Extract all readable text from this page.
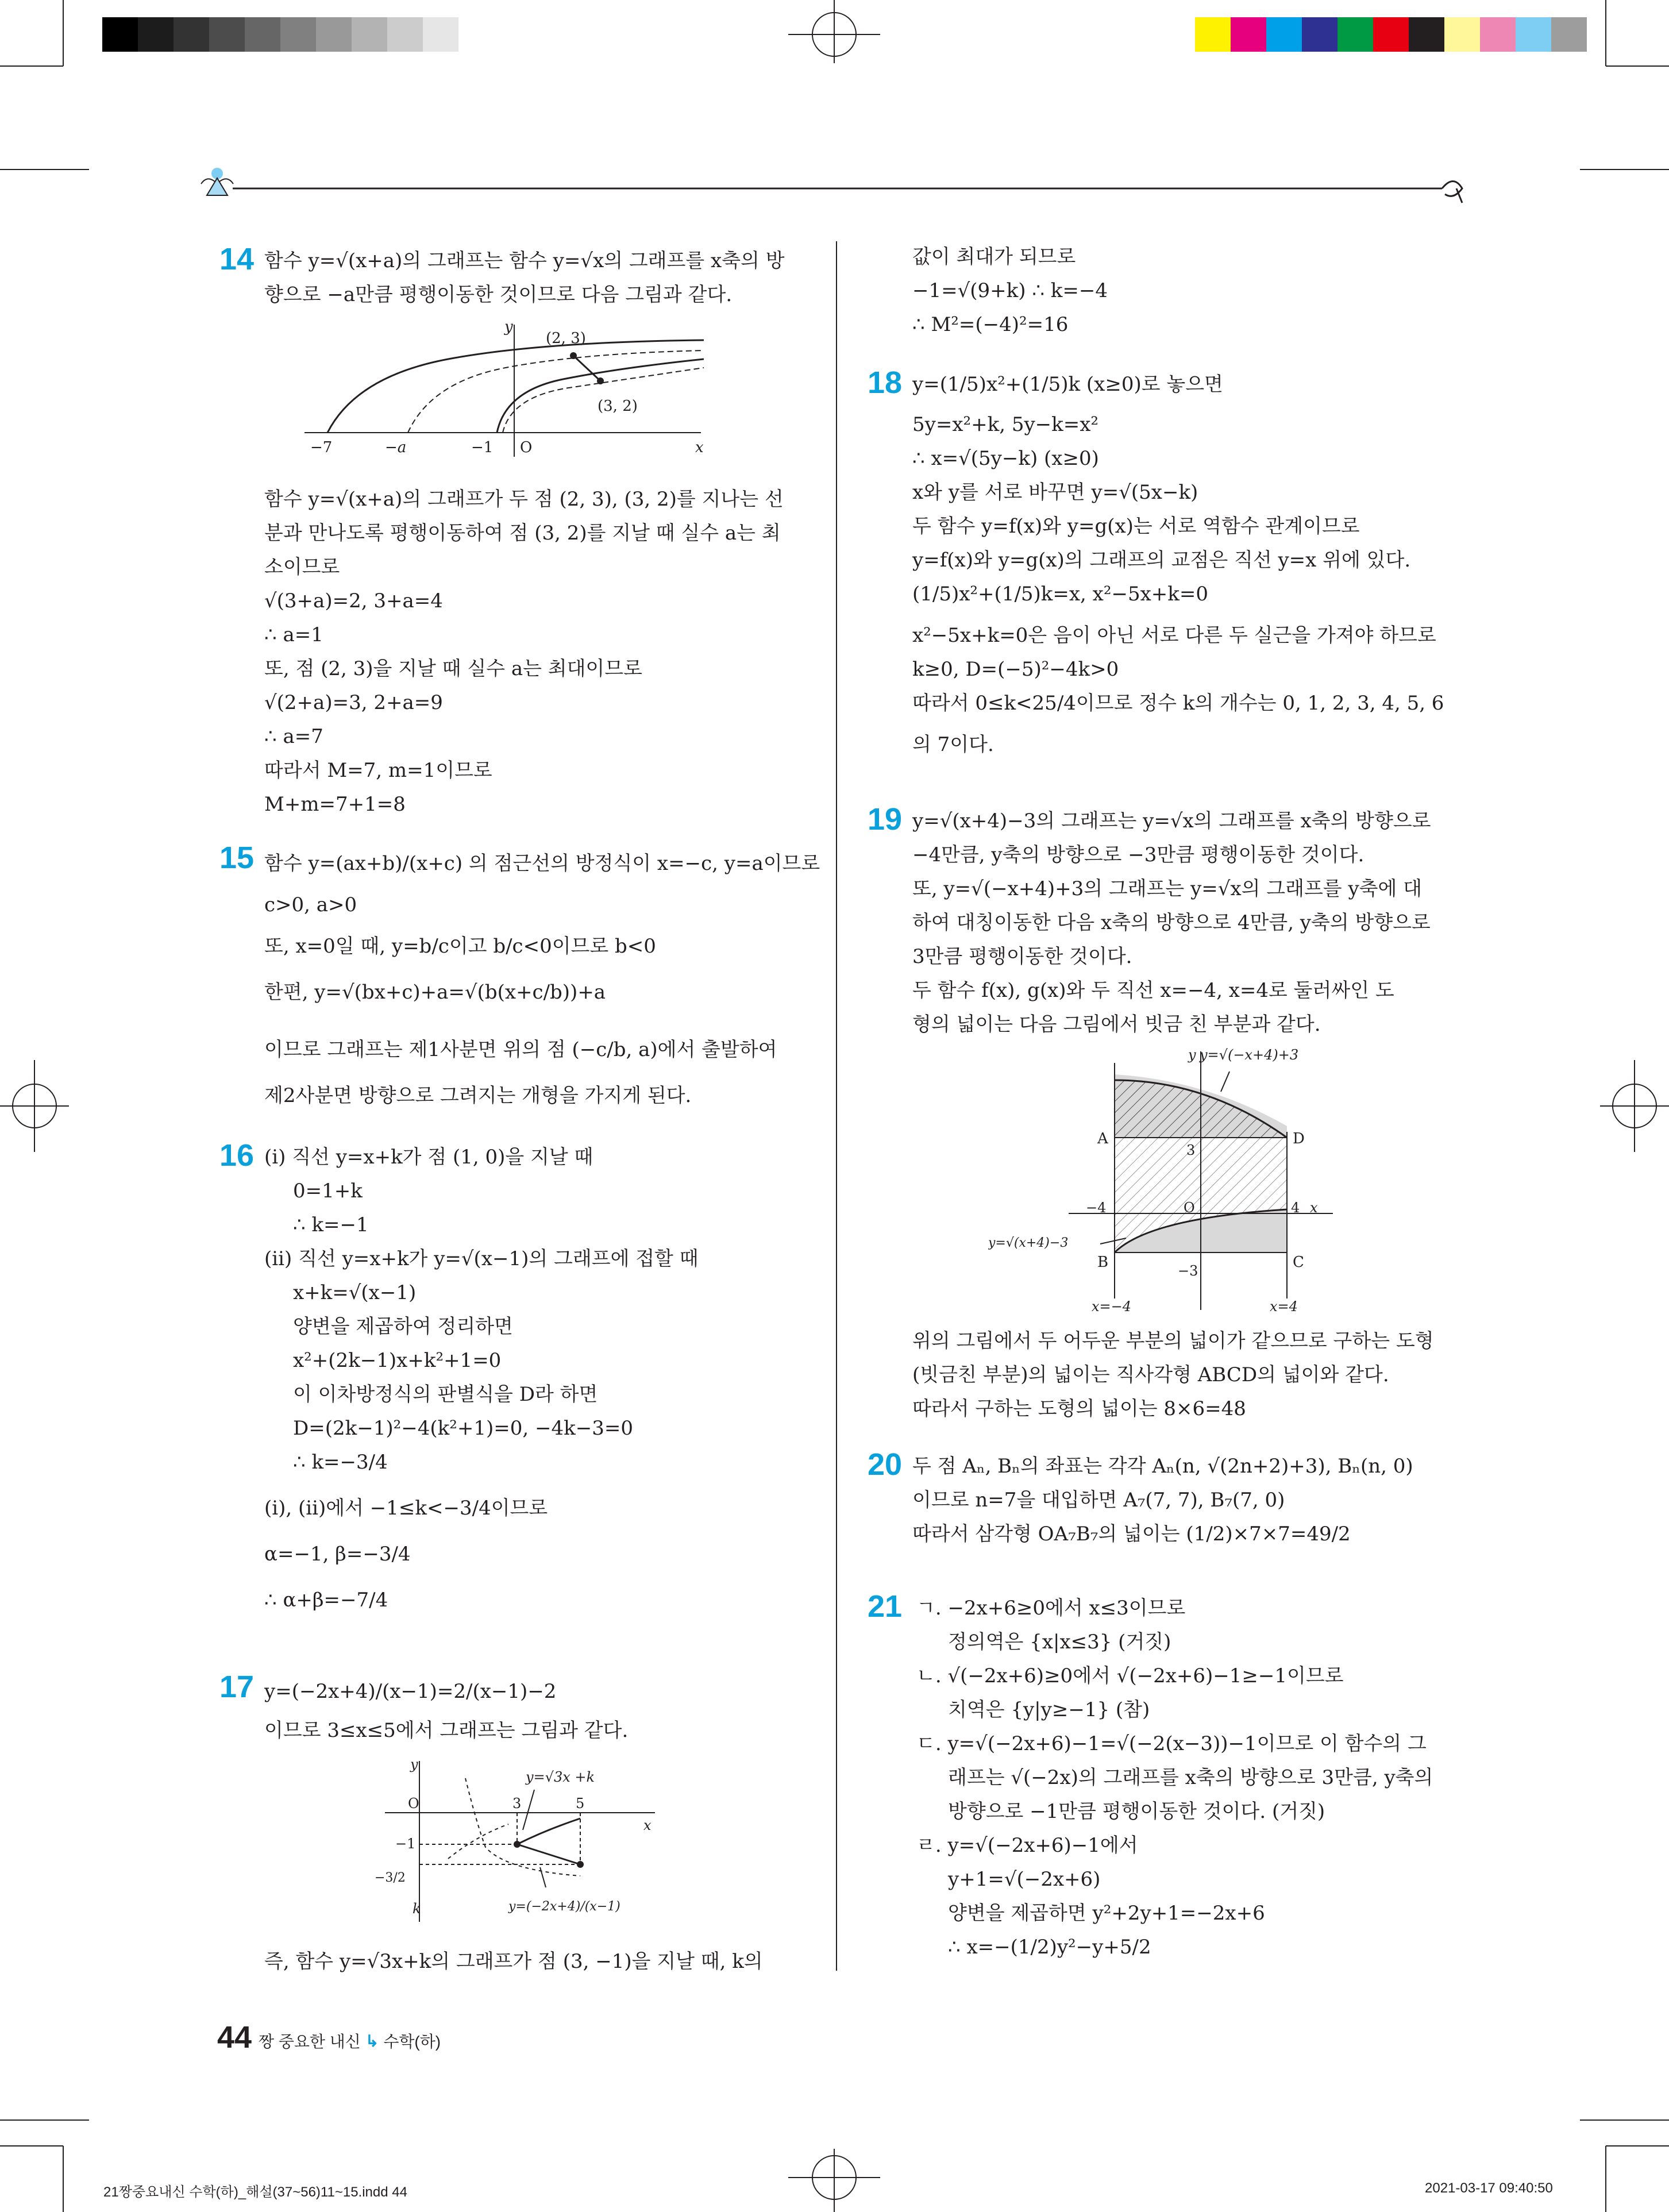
14 함수 y=√(x+a)의 그래프는 함수 y=√x의 그래프를 x축의 방
향으로 −a만큼 평행이동한 것이므로 다음 그림과 같다.
y
x
O
(2, 3)
(3, 2)
−7	−a	−1
함수 y=√(x+a)의 그래프가 두 점 (2, 3), (3, 2)를 지나는 선
분과 만나도록 평행이동하여 점 (3, 2)를 지날 때 실수 a는 최
소이므로
√(3+a)=2, 3+a=4
∴ a=1
또, 점 (2, 3)을 지날 때 실수 a는 최대이므로
√(2+a)=3, 2+a=9
∴ a=7
따라서 M=7, m=1이므로
M+m=7+1=8
15 함수 y=(ax+b)/(x+c) 의 점근선의 방정식이 x=−c, y=a이므로
c>0, a>0
또, x=0일 때, y=b/c이고 b/c<0이므로 b<0
한편, y=√(bx+c)+a=√(b(x+c/b))+a
이므로 그래프는 제1사분면 위의 점 (−c/b, a)에서 출발하여
제2사분면 방향으로 그려지는 개형을 가지게 된다.
16 (i) 직선 y=x+k가 점 (1, 0)을 지날 때
0=1+k
∴ k=−1
(ii) 직선 y=x+k가 y=√(x−1)의 그래프에 접할 때
x+k=√(x−1)
양변을 제곱하여 정리하면
x²+(2k−1)x+k²+1=0
이 이차방정식의 판별식을 D라 하면
D=(2k−1)²−4(k²+1)=0, −4k−3=0
∴ k=−3/4
(i), (ii)에서 −1≤k<−3/4이므로
α=−1, β=−3/4
∴ α+β=−7/4
17 y=(−2x+4)/(x−1)=2/(x−1)−2
이므로 3≤x≤5에서 그래프는 그림과 같다.
y
x
O
y=√3x +k
y=(−2x+4)/(x−1)
3	5
−1
−3/2
k
즉, 함수 y=√3x+k의 그래프가 점 (3, −1)을 지날 때, k의
값이 최대가 되므로
−1=√(9+k) ∴ k=−4
∴ M²=(−4)²=16
18 y=(1/5)x²+(1/5)k (x≥0)로 놓으면
5y=x²+k, 5y−k=x²
∴ x=√(5y−k) (x≥0)
x와 y를 서로 바꾸면 y=√(5x−k)
두 함수 y=f(x)와 y=g(x)는 서로 역함수 관계이므로
y=f(x)와 y=g(x)의 그래프의 교점은 직선 y=x 위에 있다.
(1/5)x²+(1/5)k=x, x²−5x+k=0
x²−5x+k=0은 음이 아닌 서로 다른 두 실근을 가져야 하므로
k≥0, D=(−5)²−4k>0
따라서 0≤k<25/4이므로 정수 k의 개수는 0, 1, 2, 3, 4, 5, 6
의 7이다.
19 y=√(x+4)−3의 그래프는 y=√x의 그래프를 x축의 방향으로
−4만큼, y축의 방향으로 −3만큼 평행이동한 것이다.
또, y=√(−x+4)+3의 그래프는 y=√x의 그래프를 y축에 대
하여 대칭이동한 다음 x축의 방향으로 4만큼, y축의 방향으로
3만큼 평행이동한 것이다.
두 함수 f(x), g(x)와 두 직선 x=−4, x=4로 둘러싸인 도
형의 넓이는 다음 그림에서 빗금 친 부분과 같다.
y y=√(−x+4)+3
A	D
B	C
3
−3
−4	4
O	x
y=√(x+4)−3
x=−4	x=4
위의 그림에서 두 어두운 부분의 넓이가 같으므로 구하는 도형
(빗금친 부분)의 넓이는 직사각형 ABCD의 넓이와 같다.
따라서 구하는 도형의 넓이는 8×6=48
20 두 점 Aₙ, Bₙ의 좌표는 각각 Aₙ(n, √(2n+2)+3), Bₙ(n, 0)
이므로 n=7을 대입하면 A₇(7, 7), B₇(7, 0)
따라서 삼각형 OA₇B₇의 넓이는 (1/2)×7×7=49/2
21 ㄱ. −2x+6≥0에서 x≤3이므로
정의역은 {x|x≤3} (거짓)
ㄴ. √(−2x+6)≥0에서 √(−2x+6)−1≥−1이므로
치역은 {y|y≥−1} (참)
ㄷ. y=√(−2x+6)−1=√(−2(x−3))−1이므로 이 함수의 그
래프는 √(−2x)의 그래프를 x축의 방향으로 3만큼, y축의
방향으로 −1만큼 평행이동한 것이다. (거짓)
ㄹ. y=√(−2x+6)−1에서
y+1=√(−2x+6)
양변을 제곱하면 y²+2y+1=−2x+6
∴ x=−(1/2)y²−y+5/2
44 짱 중요한 내신 ↳ 수학(하)
21짱중요내신 수학(하)_해설(37~56)11~15.indd 44	2021-03-17 09:40:50
